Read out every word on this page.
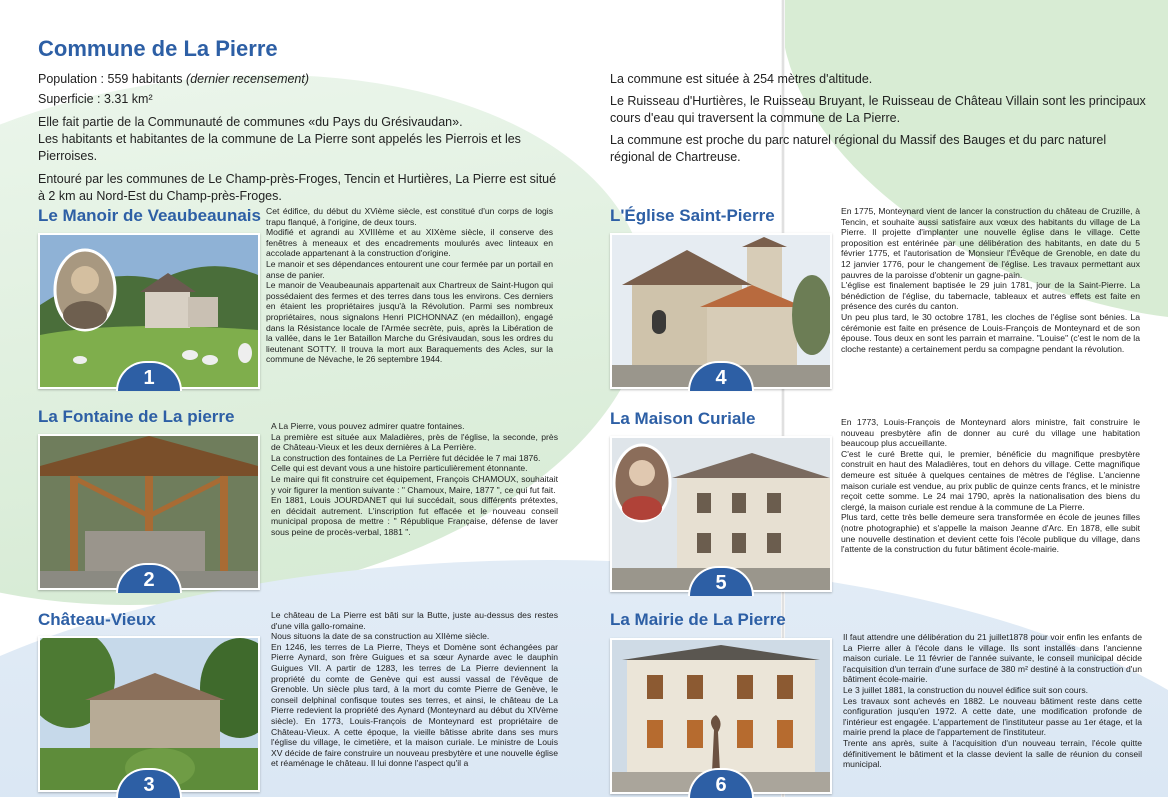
Commune de La Pierre

Population : 559 habitants (dernier recensement)

Superficie : 3.31 km²

Elle fait partie de la Communauté de communes «du Pays du Grésivaudan».

Les habitants et habitantes de la commune de La Pierre sont appelés les Pierrois et les Pierroises.

Entouré par les communes de Le Champ-près-Froges, Tencin et Hurtières, La Pierre est situé à 2 km au Nord-Est du Champ-près-Froges.

La commune est située à 254 mètres d'altitude.

Le Ruisseau d'Hurtières, le Ruisseau Bruyant, le Ruisseau de Château Villain sont les principaux cours d'eau qui traversent la commune de La Pierre.

La commune est proche du parc naturel régional du Massif des Bauges et du parc naturel régional de Chartreuse.

Le Manoir de Veaubeaunais
1

Cet édifice, du début du XVième siècle, est constitué d'un corps de logis trapu flanqué, à l'origine, de deux tours.

Modifié et agrandi au XVIIIème et au XIXème siècle, il conserve des fenêtres à meneaux et des encadrements moulurés avec linteaux en accolade appartenant à la construction d'origine.

Le manoir et ses dépendances entourent une cour fermée par un portail en anse de panier.

Le manoir de Veaubeaunais appartenait aux Chartreux de Saint-Hugon qui possédaient des fermes et des terres dans tous les environs. Ces derniers en étaient les propriétaires jusqu'à la Révolution. Parmi ses nombreux propriétaires, nous signalons Henri PICHONNAZ (en médaillon), engagé dans la Résistance locale de l'Armée secrète, puis, après la Libération de la vallée, dans le 1er Bataillon Marche du Grésivaudan, sous les ordres du lieutenant SOTTY. Il trouva la mort aux Baraquements des Acles, sur la commune de Névache, le 26 septembre 1944.

La Fontaine de La pierre
2

A La Pierre, vous pouvez admirer quatre fontaines.

La première est située aux Maladières, près de l'église, la seconde, près de Château-Vieux et les deux dernières à La Perrière.

La construction des fontaines de La Perrière fut décidée le 7 mai 1876.

Celle qui est devant vous a une histoire particulièrement étonnante.

Le maire qui fit construire cet équipement, François CHAMOUX, souhaitait y voir figurer la mention suivante : " Chamoux, Maire, 1877 ", ce qui fut fait.

En 1881, Louis JOURDANET qui lui succédait, sous différents prétextes, en décidait autrement. L'inscription fut effacée et le nouveau conseil municipal proposa de mettre : " République Française, défense de laver sous peine de procès-verbal, 1881 ".

Château-Vieux
3

Le château de La Pierre est bâti sur la Butte, juste au-dessus des restes d'une villa gallo-romaine.

Nous situons la date de sa construction au XIIème siècle.

En 1246, les terres de La Pierre, Theys et Domène sont échangées par Pierre Aynard, son frère Guigues et sa sœur Aynarde avec le dauphin Guigues VII. A partir de 1283, les terres de La Pierre deviennent la propriété du comte de Genève qui est aussi vassal de l'évêque de Grenoble. Un siècle plus tard, à la mort du comte Pierre de Genève, le conseil delphinal confisque toutes ses terres, et ainsi, le château de La Pierre redevient la propriété des Aynard (Monteynard au début du XIVème siècle). En 1773, Louis-François de Monteynard est propriétaire de Château-Vieux. A cette époque, la vieille bâtisse abrite dans ses murs l'église du village, le cimetière, et la maison curiale. Le ministre de Louis XV décide de faire construire un nouveau presbytère et une nouvelle église et réaménage le château. Il lui donne l'aspect qu'il a

L'Église Saint-Pierre
4

En 1775, Monteynard vient de lancer la construction du château de Cruzille, à Tencin, et souhaite aussi satisfaire aux vœux des habitants du village de La Pierre. Il projette d'implanter une nouvelle église dans le village. Cette proposition est entérinée par une délibération des habitants, en date du 5 février 1775, et l'autorisation de Monsieur l'Évêque de Grenoble, en date du 12 janvier 1776, pour le changement de l'église. Les travaux permettant aux pauvres de la paroisse d'obtenir un gagne-pain.

L'église est finalement baptisée le 29 juin 1781, jour de la Saint-Pierre. La bénédiction de l'église, du tabernacle, tableaux et autres effets est faite en présence des curés du canton.

Un peu plus tard, le 30 octobre 1781, les cloches de l'église sont bénies. La cérémonie est faite en présence de Louis-François de Monteynard et de son épouse. Tous deux en sont les parrain et marraine. "Louise" (c'est le nom de la cloche restante) a certainement perdu sa compagne pendant la révolution.

La Maison Curiale
5

En 1773, Louis-François de Monteynard alors ministre, fait construire le nouveau presbytère afin de donner au curé du village une habitation beaucoup plus accueillante.

C'est le curé Brette qui, le premier, bénéficie du magnifique presbytère construit en haut des Maladières, tout en dehors du village. Cette magnifique demeure est située à quelques centaines de mètres de l'église. L'ancienne maison curiale est vendue, au prix public de quinze cents francs, et le ministre reçoit cette somme. Le 24 mai 1790, après la nationalisation des biens du clergé, la maison curiale est rendue à la commune de La Pierre.

Plus tard, cette très belle demeure sera transformée en école de jeunes filles (notre photographie) et s'appelle la maison Jeanne d'Arc. En 1878, elle subit une nouvelle destination et devient cette fois l'école publique du village, dans l'attente de la construction du futur bâtiment école-mairie.

La Mairie de La Pierre
6

Il faut attendre une délibération du 21 juillet1878 pour voir enfin les enfants de La Pierre aller à l'école dans le village. Ils sont installés dans l'ancienne maison curiale. Le 11 février de l'année suivante, le conseil municipal décide l'acquisition d'un terrain d'une surface de 380 m² destiné à la construction d'un bâtiment école-mairie.

Le 3 juillet 1881, la construction du nouvel édifice suit son cours.

Les travaux sont achevés en 1882. Le nouveau bâtiment reste dans cette configuration jusqu'en 1972. A cette date, une modification profonde de l'intérieur est engagée. L'appartement de l'instituteur passe au 1er étage, et la mairie prend la place de l'appartement de l'instituteur.

Trente ans après, suite à l'acquisition d'un nouveau terrain, l'école quitte définitivement le bâtiment et la classe devient la salle de réunion du conseil municipal.
